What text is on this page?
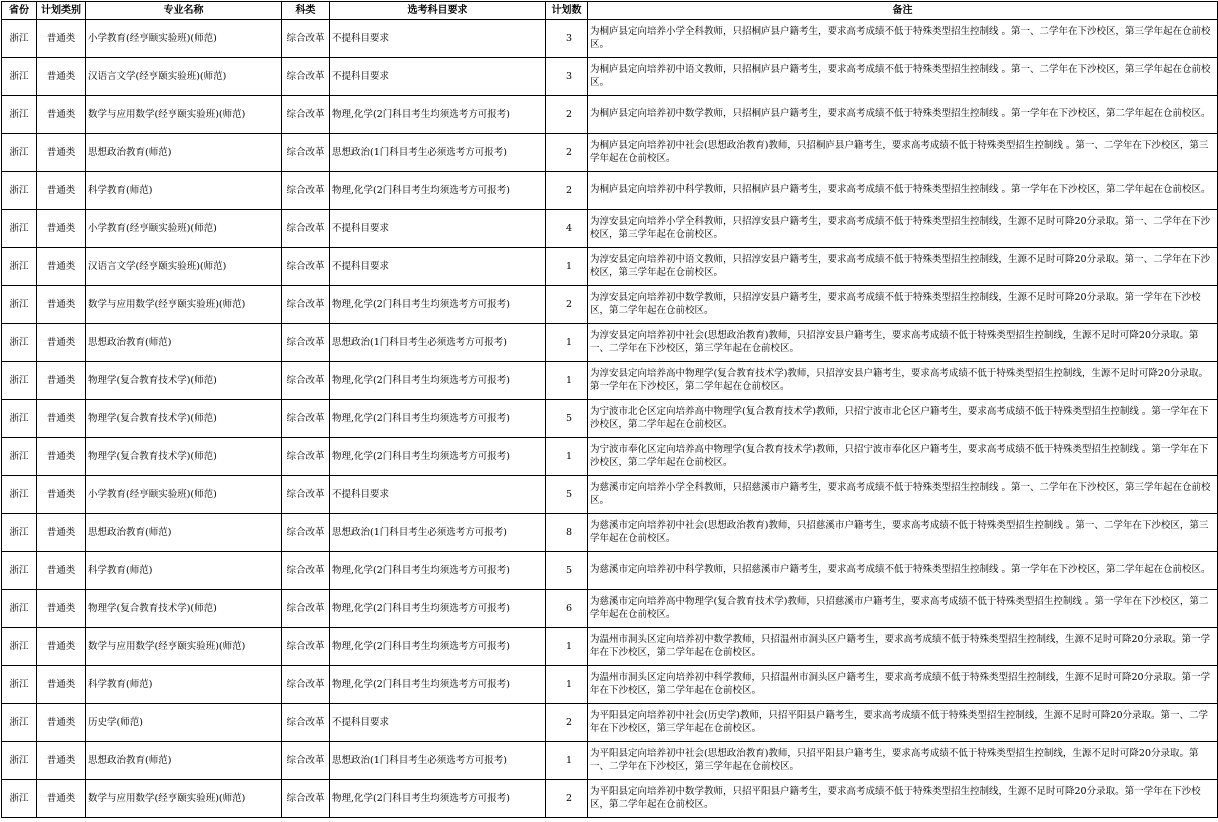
省份	计划类别	专业名称	科类	选考科目要求	计划数	备注
浙江	普通类	小学教育(经亨颐实验班)(师范)	综合改革	不提科目要求	3	为桐庐县定向培养小学全科教师，只招桐庐县户籍考生，要求高考成绩不低于特殊类型招生控制线 。第一、二学年在下沙校区，第三学年起在仓前校区。
浙江	普通类	汉语言文学(经亨颐实验班)(师范)	综合改革	不提科目要求	3	为桐庐县定向培养初中语文教师，只招桐庐县户籍考生，要求高考成绩不低于特殊类型招生控制线 。第一、二学年在下沙校区，第三学年起在仓前校区。
浙江	普通类	数学与应用数学(经亨颐实验班)(师范)	综合改革	物理,化学(2门科目考生均须选考方可报考)	2	为桐庐县定向培养初中数学教师，只招桐庐县户籍考生，要求高考成绩不低于特殊类型招生控制线 。第一学年在下沙校区，第二学年起在仓前校区。
浙江	普通类	思想政治教育(师范)	综合改革	思想政治(1门科目考生必须选考方可报考)	2	为桐庐县定向培养初中社会(思想政治教育)教师，只招桐庐县户籍考生，要求高考成绩不低于特殊类型招生控制线 。第一、二学年在下沙校区，第三学年起在仓前校区。
浙江	普通类	科学教育(师范)	综合改革	物理,化学(2门科目考生均须选考方可报考)	2	为桐庐县定向培养初中科学教师，只招桐庐县户籍考生，要求高考成绩不低于特殊类型招生控制线 。第一学年在下沙校区，第二学年起在仓前校区。
浙江	普通类	小学教育(经亨颐实验班)(师范)	综合改革	不提科目要求	4	为淳安县定向培养小学全科教师，只招淳安县户籍考生，要求高考成绩不低于特殊类型招生控制线，生源不足时可降20分录取。第一、二学年在下沙校区，第三学年起在仓前校区。
浙江	普通类	汉语言文学(经亨颐实验班)(师范)	综合改革	不提科目要求	1	为淳安县定向培养初中语文教师，只招淳安县户籍考生，要求高考成绩不低于特殊类型招生控制线，生源不足时可降20分录取。第一、二学年在下沙校区，第三学年起在仓前校区。
浙江	普通类	数学与应用数学(经亨颐实验班)(师范)	综合改革	物理,化学(2门科目考生均须选考方可报考)	2	为淳安县定向培养初中数学教师，只招淳安县户籍考生，要求高考成绩不低于特殊类型招生控制线，生源不足时可降20分录取。第一学年在下沙校区，第二学年起在仓前校区。
浙江	普通类	思想政治教育(师范)	综合改革	思想政治(1门科目考生必须选考方可报考)	1	为淳安县定向培养初中社会(思想政治教育)教师，只招淳安县户籍考生，要求高考成绩不低于特殊类型招生控制线，生源不足时可降20分录取。第一、二学年在下沙校区，第三学年起在仓前校区。
浙江	普通类	物理学(复合教育技术学)(师范)	综合改革	物理,化学(2门科目考生均须选考方可报考)	1	为淳安县定向培养高中物理学(复合教育技术学)教师，只招淳安县户籍考生，要求高考成绩不低于特殊类型招生控制线，生源不足时可降20分录取。第一学年在下沙校区，第二学年起在仓前校区。
浙江	普通类	物理学(复合教育技术学)(师范)	综合改革	物理,化学(2门科目考生均须选考方可报考)	5	为宁波市北仑区定向培养高中物理学(复合教育技术学)教师，只招宁波市北仑区户籍考生，要求高考成绩不低于特殊类型招生控制线 。第一学年在下沙校区，第二学年起在仓前校区。
浙江	普通类	物理学(复合教育技术学)(师范)	综合改革	物理,化学(2门科目考生均须选考方可报考)	1	为宁波市奉化区定向培养高中物理学(复合教育技术学)教师，只招宁波市奉化区户籍考生，要求高考成绩不低于特殊类型招生控制线 。第一学年在下沙校区，第二学年起在仓前校区。
浙江	普通类	小学教育(经亨颐实验班)(师范)	综合改革	不提科目要求	5	为慈溪市定向培养小学全科教师，只招慈溪市户籍考生，要求高考成绩不低于特殊类型招生控制线 。第一、二学年在下沙校区，第三学年起在仓前校区。
浙江	普通类	思想政治教育(师范)	综合改革	思想政治(1门科目考生必须选考方可报考)	8	为慈溪市定向培养初中社会(思想政治教育)教师，只招慈溪市户籍考生，要求高考成绩不低于特殊类型招生控制线 。第一、二学年在下沙校区，第三学年起在仓前校区。
浙江	普通类	科学教育(师范)	综合改革	物理,化学(2门科目考生均须选考方可报考)	5	为慈溪市定向培养初中科学教师，只招慈溪市户籍考生，要求高考成绩不低于特殊类型招生控制线 。第一学年在下沙校区，第二学年起在仓前校区。
浙江	普通类	物理学(复合教育技术学)(师范)	综合改革	物理,化学(2门科目考生均须选考方可报考)	6	为慈溪市定向培养高中物理学(复合教育技术学)教师，只招慈溪市户籍考生，要求高考成绩不低于特殊类型招生控制线 。第一学年在下沙校区，第二学年起在仓前校区。
浙江	普通类	数学与应用数学(经亨颐实验班)(师范)	综合改革	物理,化学(2门科目考生均须选考方可报考)	1	为温州市洞头区定向培养初中数学教师，只招温州市洞头区户籍考生，要求高考成绩不低于特殊类型招生控制线，生源不足时可降20分录取。第一学年在下沙校区，第二学年起在仓前校区。
浙江	普通类	科学教育(师范)	综合改革	物理,化学(2门科目考生均须选考方可报考)	1	为温州市洞头区定向培养初中科学教师，只招温州市洞头区户籍考生，要求高考成绩不低于特殊类型招生控制线，生源不足时可降20分录取。第一学年在下沙校区，第二学年起在仓前校区。
浙江	普通类	历史学(师范)	综合改革	不提科目要求	2	为平阳县定向培养初中社会(历史学)教师，只招平阳县户籍考生，要求高考成绩不低于特殊类型招生控制线，生源不足时可降20分录取。第一、二学年在下沙校区，第三学年起在仓前校区。
浙江	普通类	思想政治教育(师范)	综合改革	思想政治(1门科目考生必须选考方可报考)	1	为平阳县定向培养初中社会(思想政治教育)教师，只招平阳县户籍考生，要求高考成绩不低于特殊类型招生控制线，生源不足时可降20分录取。第一、二学年在下沙校区，第三学年起在仓前校区。
浙江	普通类	数学与应用数学(经亨颐实验班)(师范)	综合改革	物理,化学(2门科目考生均须选考方可报考)	2	为平阳县定向培养初中数学教师，只招平阳县户籍考生，要求高考成绩不低于特殊类型招生控制线，生源不足时可降20分录取。第一学年在下沙校区，第二学年起在仓前校区。
